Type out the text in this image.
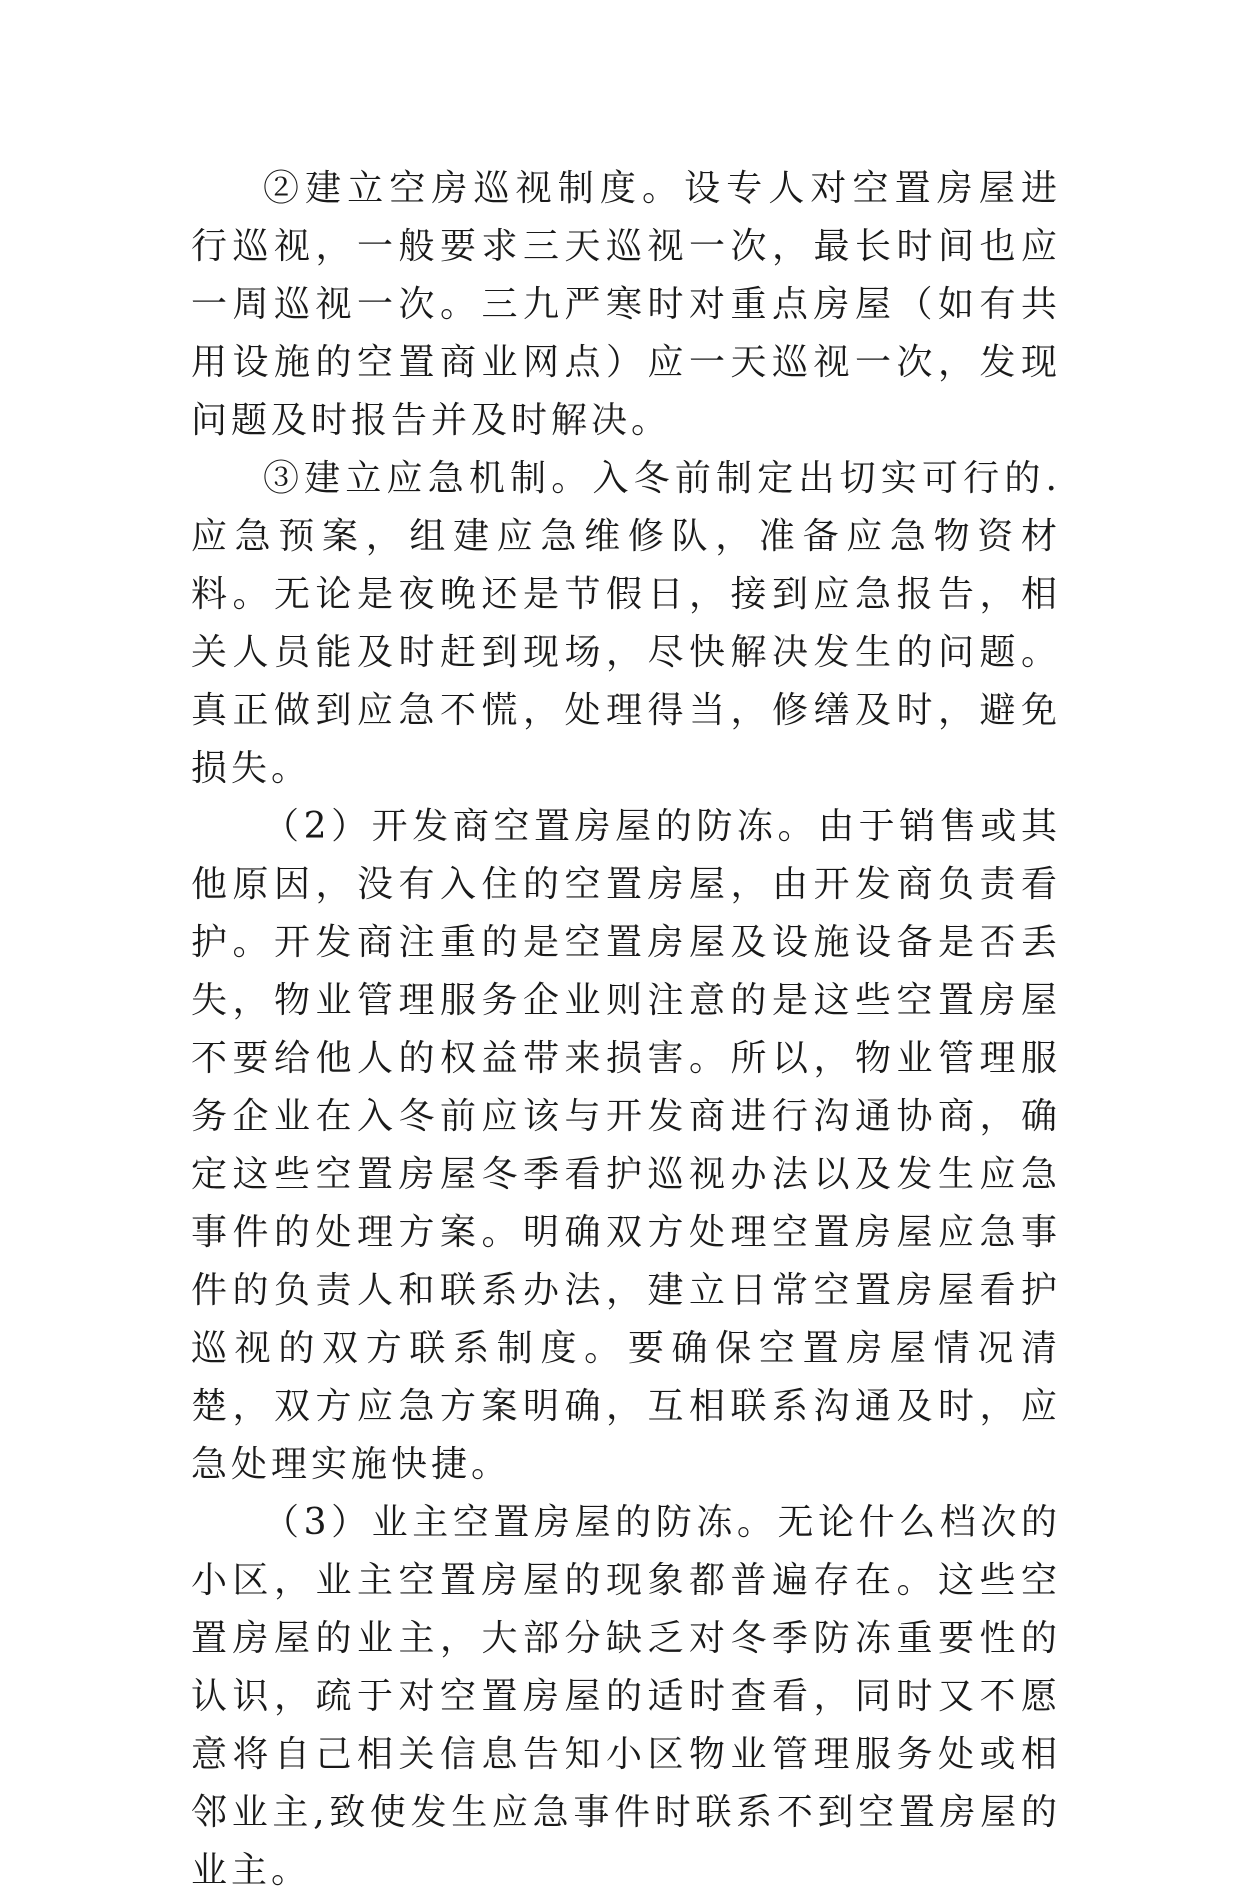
②建立空房巡视制度。设专人对空置房屋进行巡视，一般要求三天巡视一次，最长时间也应一周巡视一次。三九严寒时对重点房屋（如有共用设施的空置商业网点）应一天巡视一次，发现问题及时报告并及时解决。

③建立应急机制。入冬前制定出切实可行的.应急预案，组建应急维修队，准备应急物资材料。无论是夜晚还是节假日，接到应急报告，相关人员能及时赶到现场，尽快解决发生的问题。真正做到应急不慌，处理得当，修缮及时，避免损失。

（2）开发商空置房屋的防冻。由于销售或其他原因，没有入住的空置房屋，由开发商负责看护。开发商注重的是空置房屋及设施设备是否丢失，物业管理服务企业则注意的是这些空置房屋不要给他人的权益带来损害。所以，物业管理服务企业在入冬前应该与开发商进行沟通协商，确定这些空置房屋冬季看护巡视办法以及发生应急事件的处理方案。明确双方处理空置房屋应急事件的负责人和联系办法，建立日常空置房屋看护巡视的双方联系制度。要确保空置房屋情况清楚，双方应急方案明确，互相联系沟通及时，应急处理实施快捷。

（3）业主空置房屋的防冻。无论什么档次的小区，业主空置房屋的现象都普遍存在。这些空置房屋的业主，大部分缺乏对冬季防冻重要性的认识，疏于对空置房屋的适时查看，同时又不愿意将自己相关信息告知小区物业管理服务处或相邻业主,致使发生应急事件时联系不到空置房屋的业主。
